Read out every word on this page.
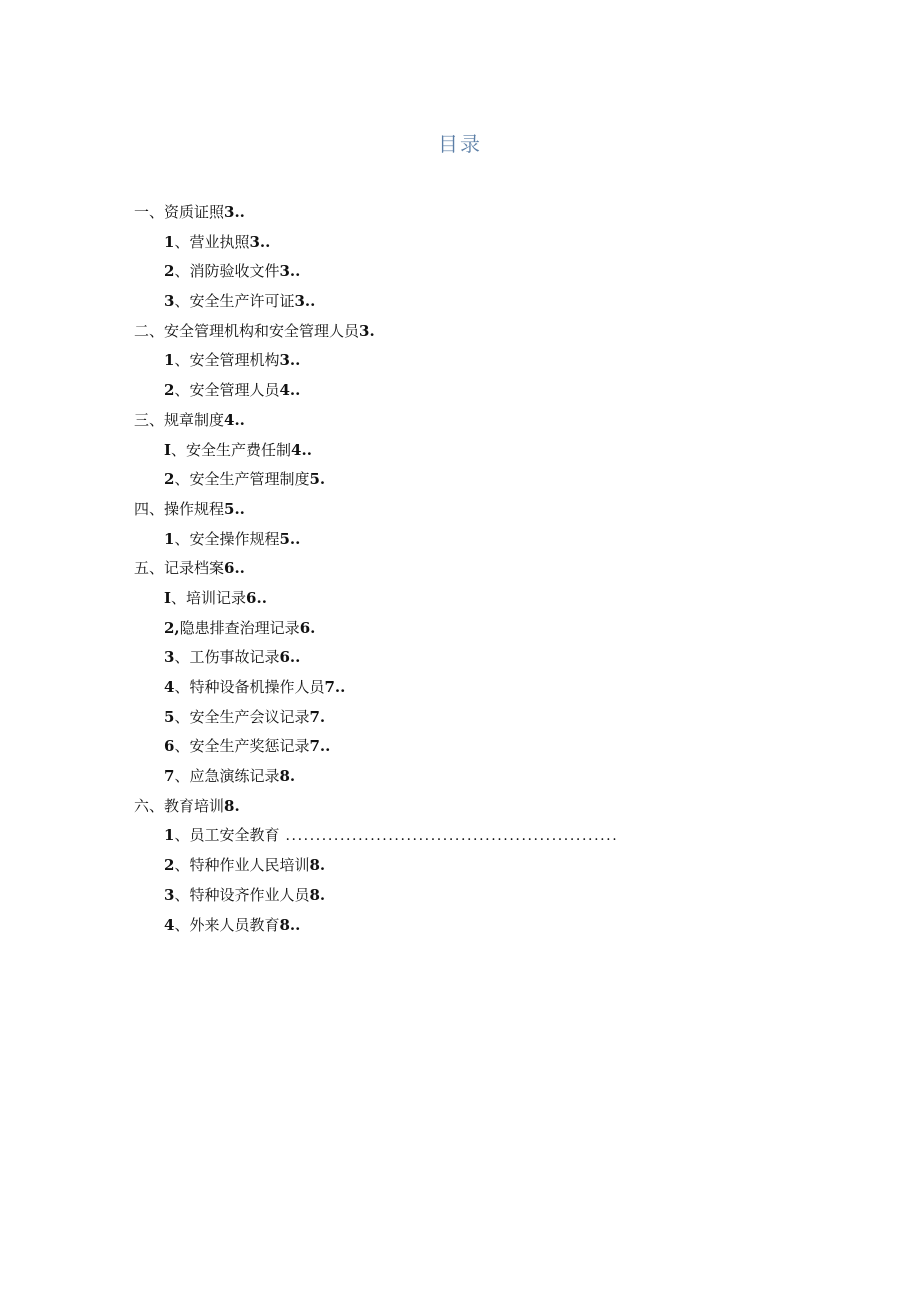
目录
一、资质证照3..
1、营业执照3..
2、消防验收文件3..
3、安全生产许可证3..
二、安全管理机构和安全管理人员3.
1、安全管理机构3..
2、安全管理人员4..
三、规章制度4..
I、安全生产费任制4..
2、安全生产管理制度5.
四、操作规程5..
1、安全操作规程5..
五、记录档案6..
I、培训记录6..
2,隐患排查治理记录6.
3、工伤事故记录6..
4、特种设备机操作人员7..
5、安全生产会议记录7.
6、安全生产奖惩记录7..
7、应急演练记录8.
六、教育培训8.
1、员工安全教育 .......................................................
2、特种作业人民培训8.
3、特种设齐作业人员8.
4、外来人员教育8..
